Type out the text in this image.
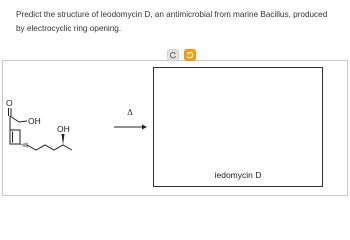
Predict the structure of leodomycin D, an antimicrobial from marine Bacillus, produced by electrocyclic ring opening.

O
OH
OH
Δ
iedomycin D
